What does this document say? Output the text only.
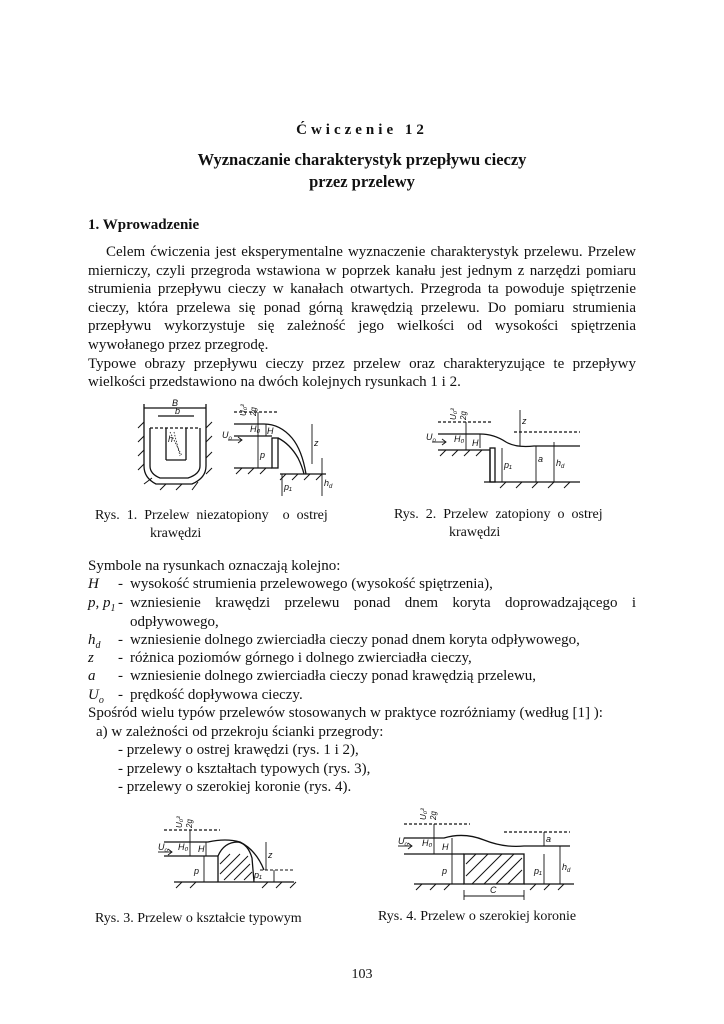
Ćwiczenie 12
Wyznaczanie charakterystyk przepływu cieczy
przez przelewy
1. Wprowadzenie

Celem ćwiczenia jest eksperymentalne wyznaczenie charakterystyk przelewu. Przelew mierniczy, czyli przegroda wstawiona w poprzek kanału jest jednym z narzędzi pomiaru strumienia przepływu cieczy w kanałach otwartych. Przegroda ta powoduje spiętrzenie cieczy, która przelewa się ponad górną krawędzią przelewu. Do pomiaru strumienia przepływu wykorzystuje się zależność jego wielkości od wysokości spiętrzenia wywołanego przez przegrodę.

Typowe obrazy przepływu cieczy przez przelew oraz charakteryzujące te przepływy wielkości przedstawiono na dwóch kolejnych rysunkach 1 i 2.

B
b
h	$U_o$
U₀² 2g
H₀ H
p
z
p₁	$h_d$
$U_o$
U₀² 2g
H₀ H
z
p₁
a $h_d$
Rys.  1.  Przelew  niezatopiony    o  ostrej
krawędzi
Rys.  2.  Przelew  zatopiony  o  ostrej
krawędzi
Symbole na rysunkach oznaczają kolejno:
H	- wysokość strumienia przelewowego (wysokość spiętrzenia),
p, $p_1$ - wzniesienie krawędzi przelewu ponad dnem koryta doprowadzającego i odpływowego,
$h_d$	- wzniesienie dolnego zwierciadła cieczy ponad dnem koryta odpływowego,
z	- różnica poziomów górnego i dolnego zwierciadła cieczy,
a	- wzniesienie dolnego zwierciadła cieczy ponad krawędzią przelewu,
$U_o$ - prędkość dopływowa cieczy.
Spośród wielu typów przelewów stosowanych w praktyce rozróżniamy (według [1] ):
a) w zależności od przekroju ścianki przegrody:
- przelewy o ostrej krawędzi (rys. 1 i 2),
- przelewy o kształtach typowych (rys. 3),
- przelewy o szerokiej koronie (rys. 4).
$U_o$
U₀² 2g
H₀ H
p
z
p₁
$U_o$
U₀² 2g
H₀ H
p
a
p₁ $h_d$
C
Rys. 3. Przelew o kształcie typowym	Rys. 4. Przelew o szerokiej koronie
103
